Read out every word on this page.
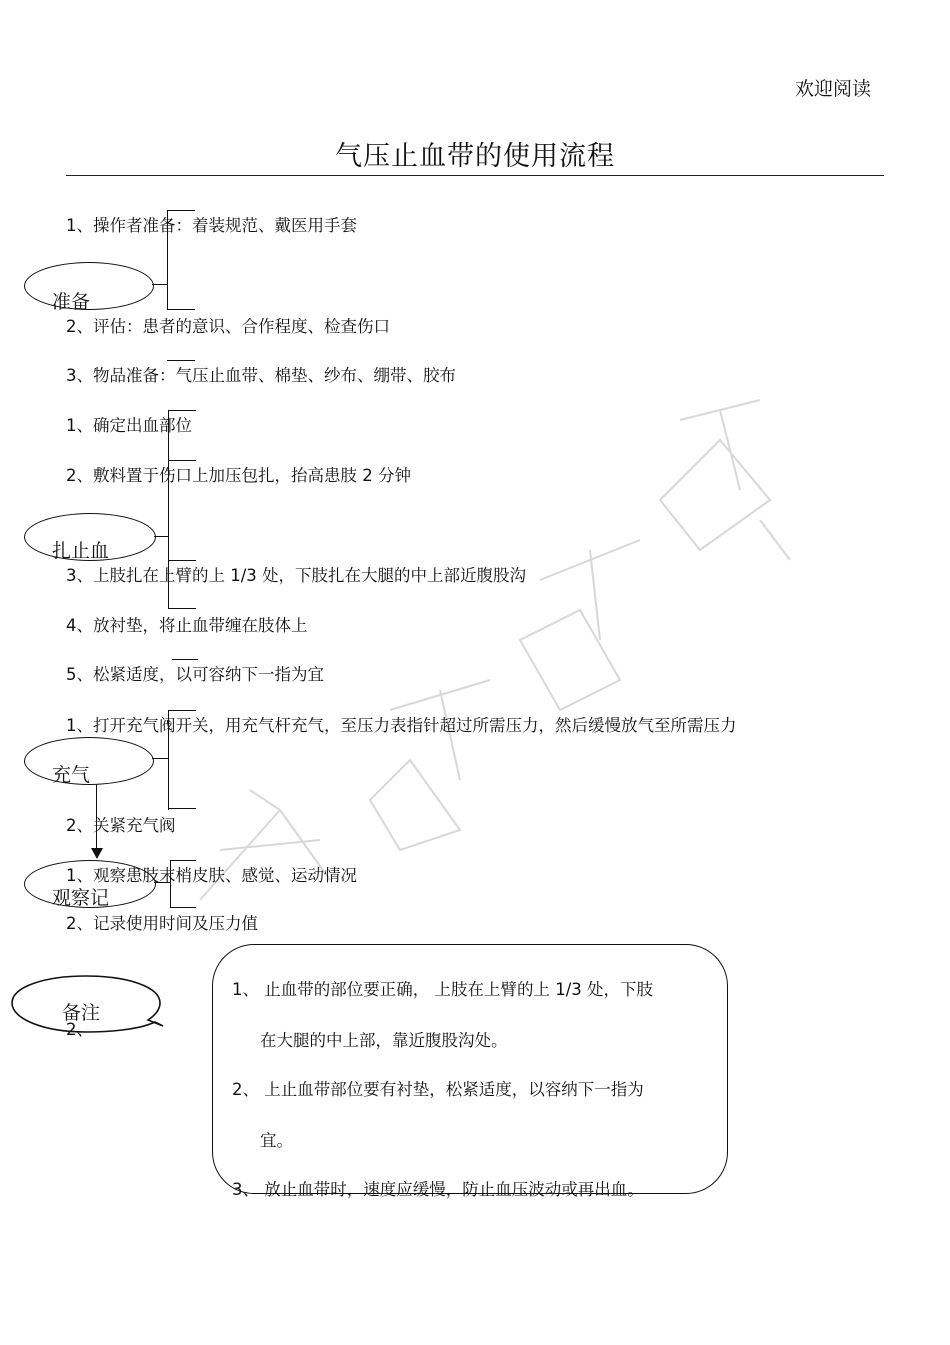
欢迎阅读
气压止血带的使用流程
1、操作者准备：着装规范、戴医用手套
2、评估：患者的意识、合作程度、检查伤口
3、物品准备：气压止血带、棉垫、纱布、绷带、胶布
准备
1、确定出血部位
2、敷料置于伤口上加压包扎，抬高患肢 2 分钟
3、上肢扎在上臂的上 1/3 处，下肢扎在大腿的中上部近腹股沟
4、放衬垫，将止血带缠在肢体上
5、松紧适度，以可容纳下一指为宜
扎止血
1、打开充气阀开关，用充气杆充气，至压力表指针超过所需压力，然后缓慢放气至所需压力
2、关紧充气阀
充气
1、观察患肢末梢皮肤、感觉、运动情况
2、记录使用时间及压力值
观察记
备注
2、
1、 止血带的部位要正确， 上肢在上臂的上 1/3 处，下肢
在大腿的中上部，靠近腹股沟处。
2、 上止血带部位要有衬垫，松紧适度，以容纳下一指为
宜。
3、 放止血带时，速度应缓慢，防止血压波动或再出血。
